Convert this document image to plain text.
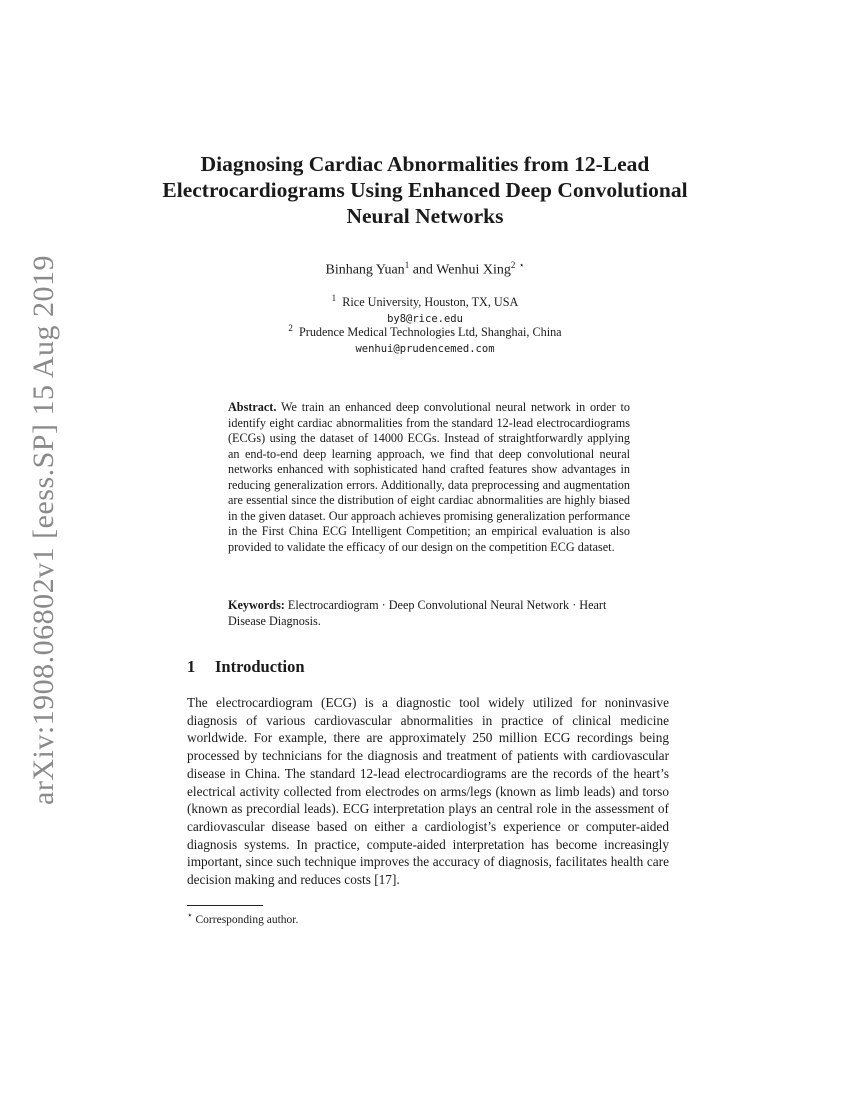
arXiv:1908.06802v1 [eess.SP] 15 Aug 2019
Diagnosing Cardiac Abnormalities from 12-Lead Electrocardiograms Using Enhanced Deep Convolutional Neural Networks
Binhang Yuan$^1$ and Wenhui Xing$^2$ ⋆
$^1$ Rice University, Houston, TX, USA
by8@rice.edu
$^2$ Prudence Medical Technologies Ltd, Shanghai, China
wenhui@prudencemed.com
Abstract. We train an enhanced deep convolutional neural network in order to identify eight cardiac abnormalities from the standard 12-lead electrocardiograms (ECGs) using the dataset of 14000 ECGs. Instead of straightforwardly applying an end-to-end deep learning approach, we find that deep convolutional neural networks enhanced with sophisticated hand crafted features show advantages in reducing generalization errors. Additionally, data preprocessing and augmentation are essential since the distribution of eight cardiac abnormalities are highly biased in the given dataset. Our approach achieves promising generalization performance in the First China ECG Intelligent Competition; an empirical evaluation is also provided to validate the efficacy of our design on the competition ECG dataset.
Keywords: Electrocardiogram · Deep Convolutional Neural Network · Heart Disease Diagnosis.
1 Introduction
The electrocardiogram (ECG) is a diagnostic tool widely utilized for noninvasive diagnosis of various cardiovascular abnormalities in practice of clinical medicine worldwide. For example, there are approximately 250 million ECG recordings being processed by technicians for the diagnosis and treatment of patients with cardiovascular disease in China. The standard 12-lead electrocardiograms are the records of the heart’s electrical activity collected from electrodes on arms/legs (known as limb leads) and torso (known as precordial leads). ECG interpretation plays an central role in the assessment of cardiovascular disease based on either a cardiologist’s experience or computer-aided diagnosis systems. In practice, compute-aided interpretation has become increasingly important, since such technique improves the accuracy of diagnosis, facilitates health care decision making and reduces costs [17].
⋆ Corresponding author.
